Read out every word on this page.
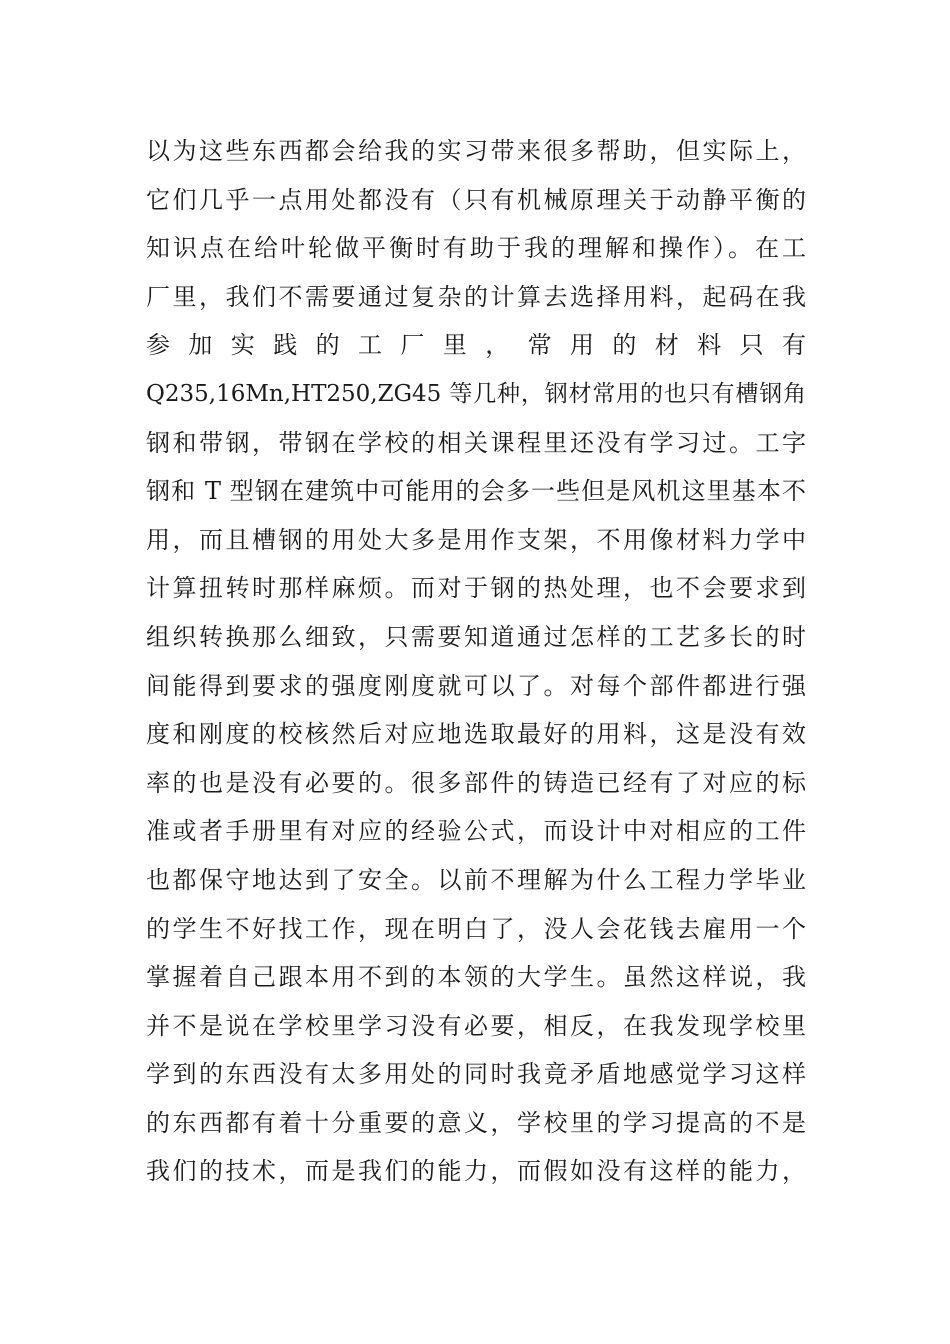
以为这些东西都会给我的实习带来很多帮助，但实际上，
它们几乎一点用处都没有（只有机械原理关于动静平衡的
知识点在给叶轮做平衡时有助于我的理解和操作）。在工
厂里，我们不需要通过复杂的计算去选择用料，起码在我
参 加 实 践 的 工 厂 里 ， 常 用 的 材 料 只 有
Q235,16Mn,HT250,ZG45 等几种，钢材常用的也只有槽钢角
钢和带钢，带钢在学校的相关课程里还没有学习过。工字
钢和 T 型钢在建筑中可能用的会多一些但是风机这里基本不
用，而且槽钢的用处大多是用作支架，不用像材料力学中
计算扭转时那样麻烦。而对于钢的热处理，也不会要求到
组织转换那么细致，只需要知道通过怎样的工艺多长的时
间能得到要求的强度刚度就可以了。对每个部件都进行强
度和刚度的校核然后对应地选取最好的用料，这是没有效
率的也是没有必要的。很多部件的铸造已经有了对应的标
准或者手册里有对应的经验公式，而设计中对相应的工件
也都保守地达到了安全。以前不理解为什么工程力学毕业
的学生不好找工作，现在明白了，没人会花钱去雇用一个
掌握着自己跟本用不到的本领的大学生。虽然这样说，我
并不是说在学校里学习没有必要，相反，在我发现学校里
学到的东西没有太多用处的同时我竟矛盾地感觉学习这样
的东西都有着十分重要的意义，学校里的学习提高的不是
我们的技术，而是我们的能力，而假如没有这样的能力，
